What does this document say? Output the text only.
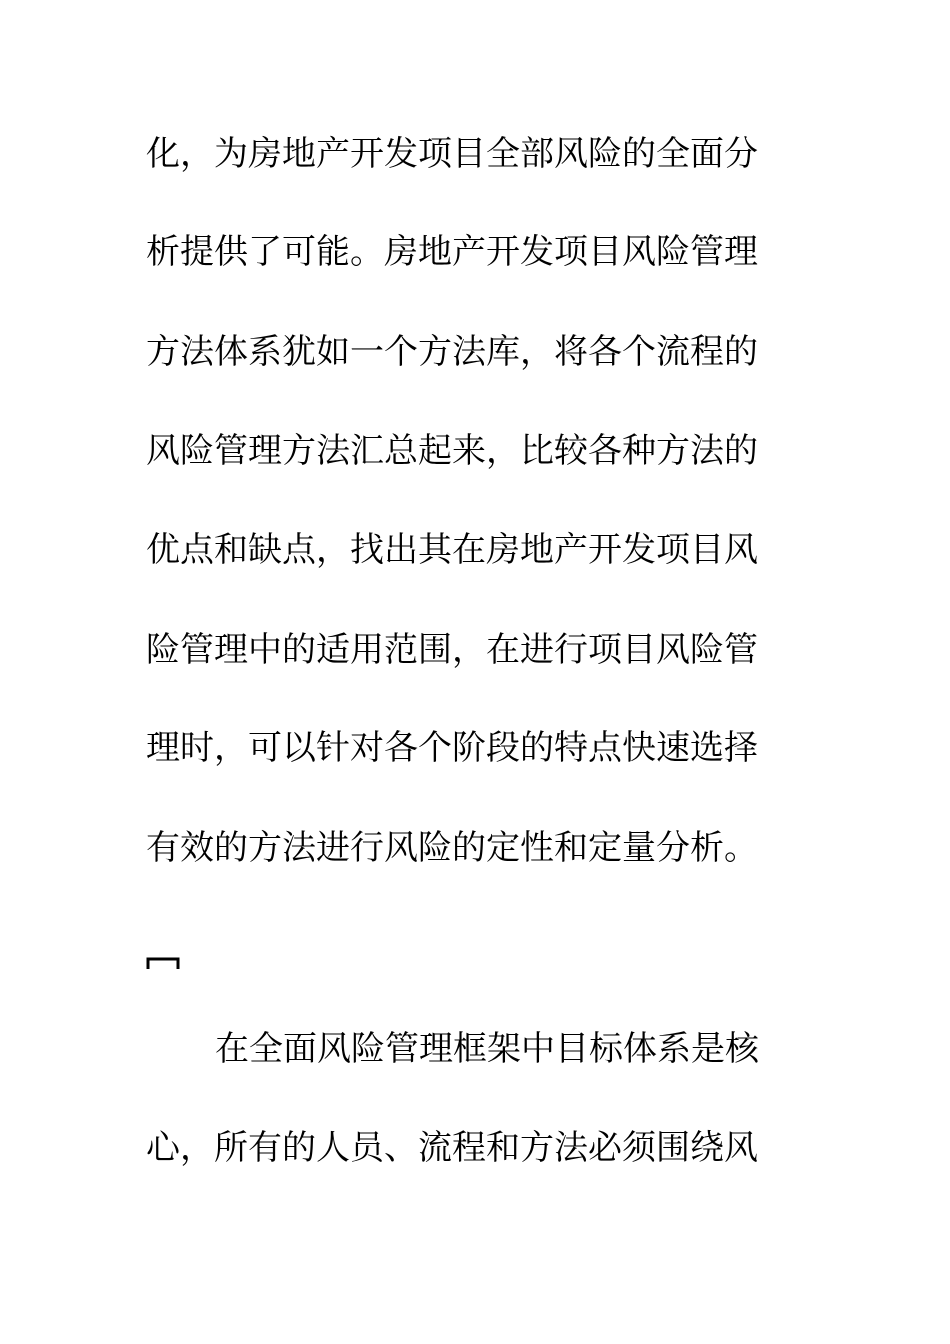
化，为房地产开发项目全部风险的全面分
析提供了可能。房地产开发项目风险管理
方法体系犹如一个方法库，将各个流程的
风险管理方法汇总起来，比较各种方法的
优点和缺点，找出其在房地产开发项目风
险管理中的适用范围，在进行项目风险管
理时，可以针对各个阶段的特点快速选择
有效的方法进行风险的定性和定量分析。
在全面风险管理框架中目标体系是核
心，所有的人员、流程和方法必须围绕风
